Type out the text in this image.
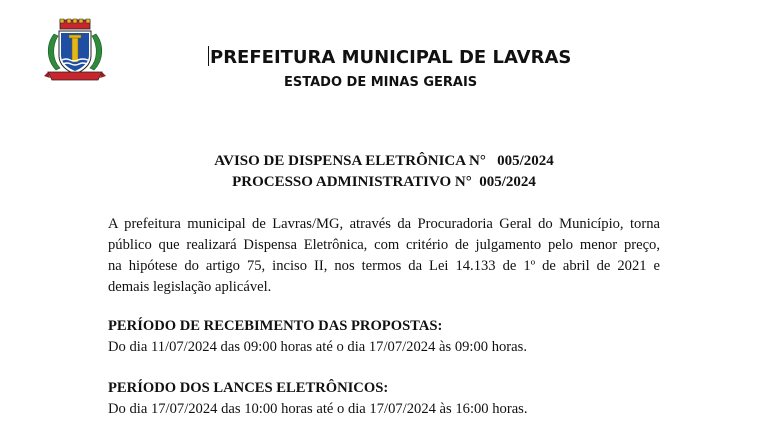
PREFEITURA MUNICIPAL DE LAVRAS
ESTADO DE MINAS GERAIS
AVISO DE DISPENSA ELETRÔNICA N°   005/2024
PROCESSO ADMINISTRATIVO N°  005/2024
A prefeitura municipal de Lavras/MG, através da Procuradoria Geral do Município, torna
público que realizará Dispensa Eletrônica, com critério de julgamento pelo menor preço,
na hipótese do artigo 75, inciso II, nos termos da Lei 14.133 de 1º de abril de 2021 e
demais legislação aplicável.
PERÍODO DE RECEBIMENTO DAS PROPOSTAS:
Do dia 11/07/2024 das 09:00 horas até o dia 17/07/2024 às 09:00 horas.
PERÍODO DOS LANCES ELETRÔNICOS:
Do dia 17/07/2024 das 10:00 horas até o dia 17/07/2024 às 16:00 horas.
